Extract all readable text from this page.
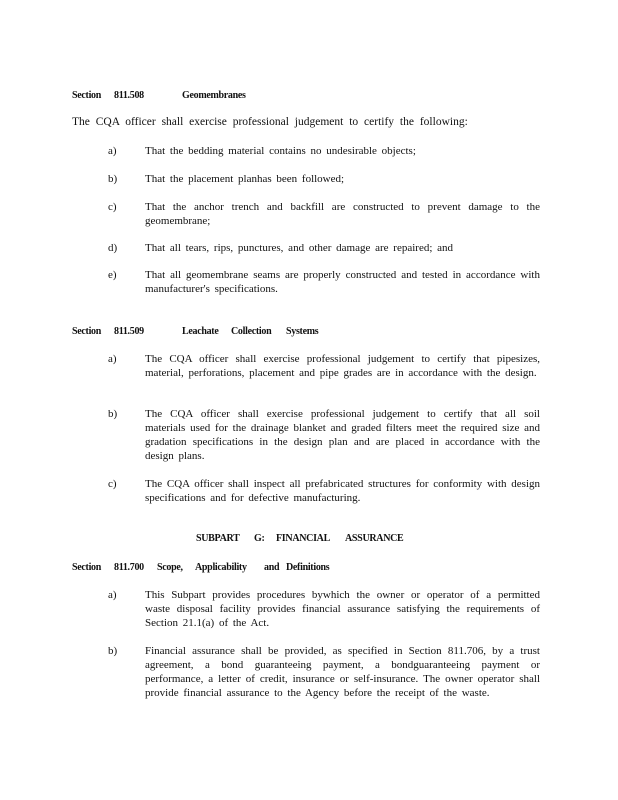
Section 811.508	Geomembranes
The CQA officer shall exercise professional judgement to certify the following:
a)	That the bedding material contains no undesirable objects;
b)	That the placement planhas been followed;
c)	That the anchor trench and backfill are constructed to prevent damage to the geomembrane;
d)	That all tears, rips, punctures, and other damage are repaired; and
e)	That all geomembrane seams are properly constructed and tested in accordance with manufacturer's specifications.
Section 811.509	Leachate Collection Systems
a)	The CQA officer shall exercise professional judgement to certify that pipesizes, material, perforations, placement and pipe grades are in accordance with the design.
b)	The CQA officer shall exercise professional judgement to certify that all soil materials used for the drainage blanket and graded filters meet the required size and gradation specifications in the design plan and are placed in accordance with the design plans.
c)	The CQA officer shall inspect all prefabricated structures for conformity with design specifications and for defective manufacturing.
SUBPART G: FINANCIAL ASSURANCE
Section 811.700 Scope, Applicability and Definitions
a)	This Subpart provides procedures bywhich the owner or operator of a permitted waste disposal facility provides financial assurance satisfying the requirements of Section 21.1(a) of the Act.
b)	Financial assurance shall be provided, as specified in Section 811.706, by a trust agreement, a bond guaranteeing payment, a bondguaranteeing payment or performance, a letter of credit, insurance or self-insurance. The owner operator shall provide financial assurance to the Agency before the receipt of the waste.
